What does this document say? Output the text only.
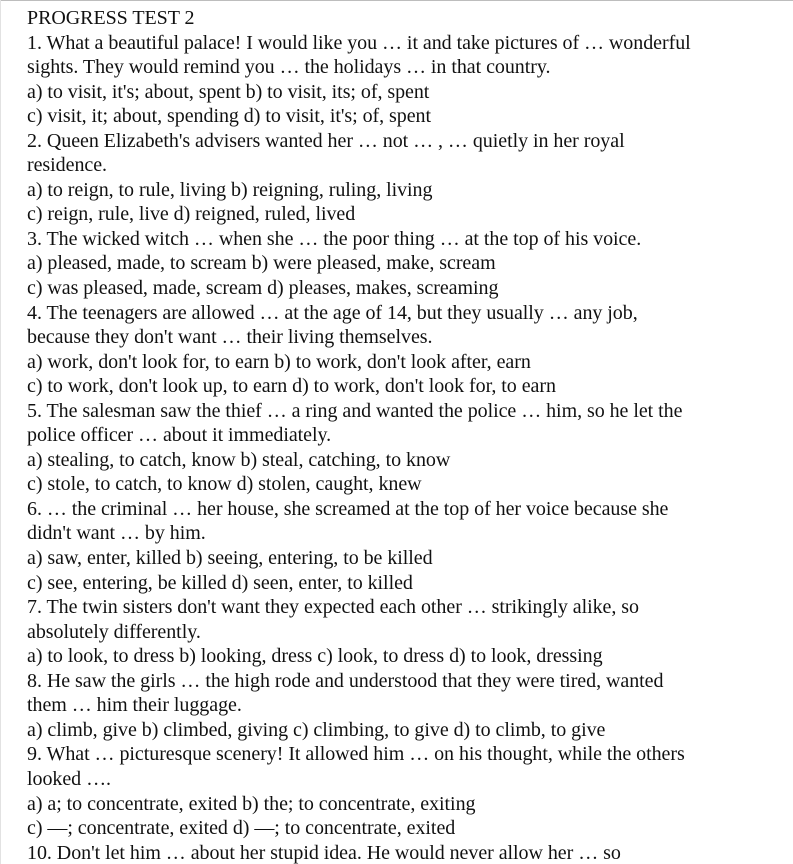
PROGRESS TEST 2
1. What a beautiful palace! I would like you … it and take pictures of … wonderful
sights. They would remind you … the holidays … in that country.
a) to visit, it's; about, spent b) to visit, its; of, spent
c) visit, it; about, spending d) to visit, it's; of, spent
2. Queen Elizabeth's advisers wanted her … not … , … quietly in her royal
residence.
a) to reign, to rule, living b) reigning, ruling, living
c) reign, rule, live d) reigned, ruled, lived
3. The wicked witch … when she … the poor thing … at the top of his voice.
a) pleased, made, to scream b) were pleased, make, scream
c) was pleased, made, scream d) pleases, makes, screaming
4. The teenagers are allowed … at the age of 14, but they usually … any job,
because they don't want … their living themselves.
a) work, don't look for, to earn b) to work, don't look after, earn
c) to work, don't look up, to earn d) to work, don't look for, to earn
5. The salesman saw the thief … a ring and wanted the police … him, so he let the
police officer … about it immediately.
a) stealing, to catch, know b) steal, catching, to know
c) stole, to catch, to know d) stolen, caught, knew
6. … the criminal … her house, she screamed at the top of her voice because she
didn't want … by him.
a) saw, enter, killed b) seeing, entering, to be killed
c) see, entering, be killed d) seen, enter, to killed
7. The twin sisters don't want they expected each other … strikingly alike, so
absolutely differently.
a) to look, to dress b) looking, dress c) look, to dress d) to look, dressing
8. He saw the girls … the high rode and understood that they were tired, wanted
them … him their luggage.
a) climb, give b) climbed, giving c) climbing, to give d) to climb, to give
9. What … picturesque scenery! It allowed him … on his thought, while the others
looked ….
a) a; to concentrate, exited b) the; to concentrate, exiting
c) —; concentrate, exited d) —; to concentrate, exited
10. Don't let him … about her stupid idea. He would never allow her … so
